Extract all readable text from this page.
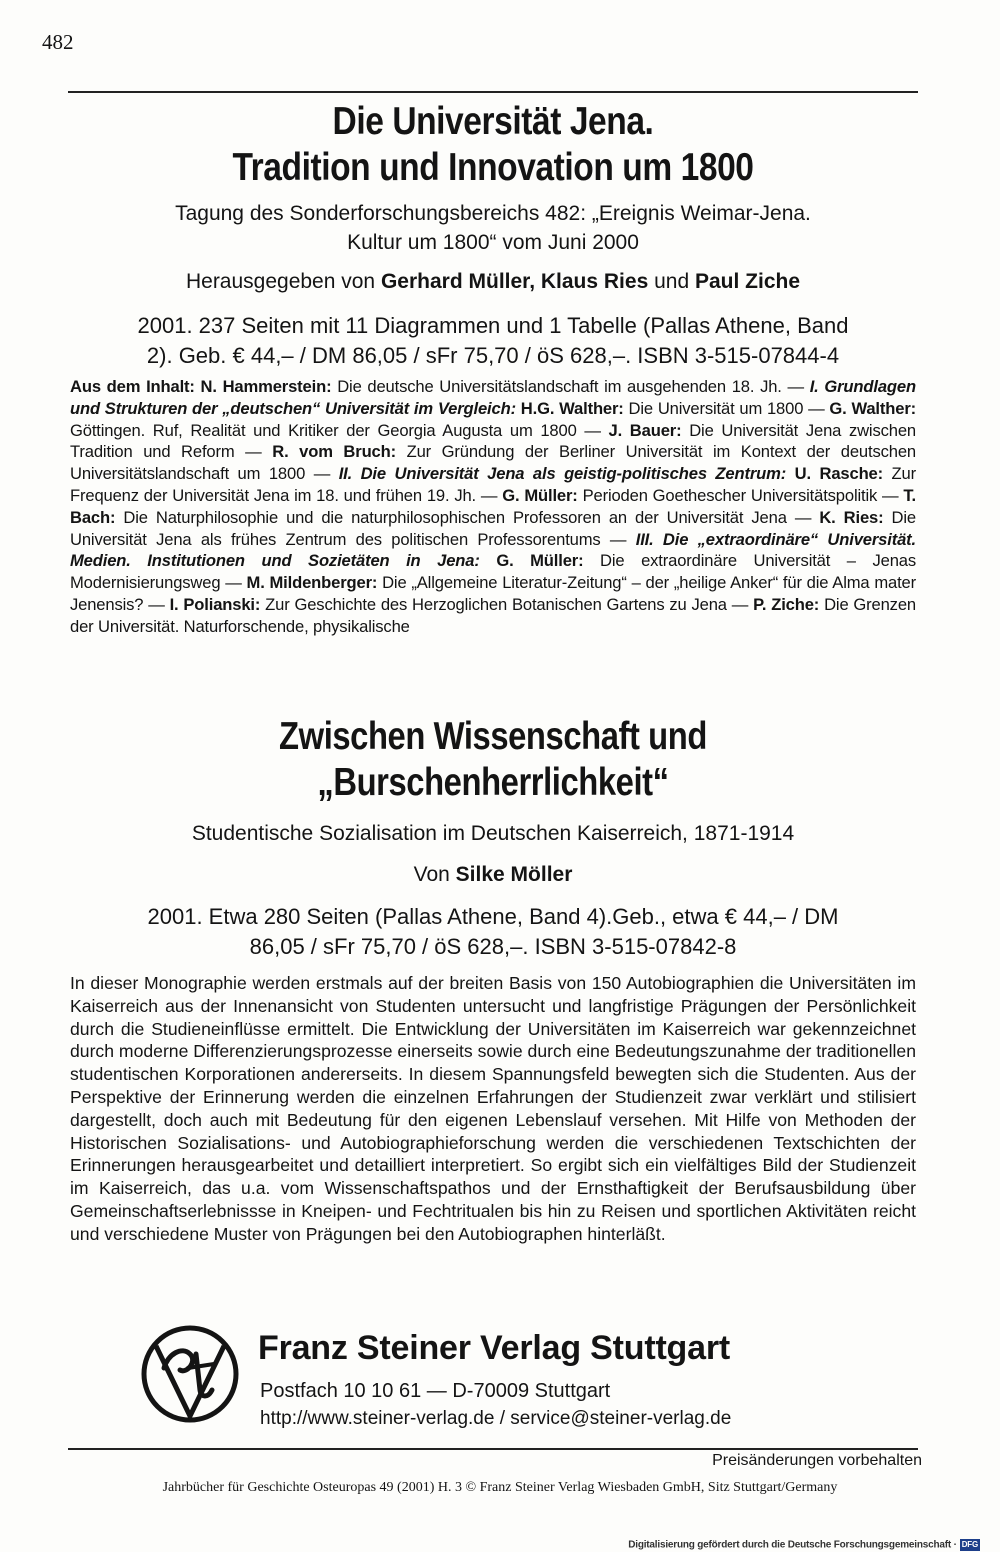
482
Die Universität Jena.
Tradition und Innovation um 1800
Tagung des Sonderforschungsbereichs 482: „Ereignis Weimar-Jena.
Kultur um 1800“ vom Juni 2000
Herausgegeben von Gerhard Müller, Klaus Ries und Paul Ziche
2001. 237 Seiten mit 11 Diagrammen und 1 Tabelle (Pallas Athene, Band
2). Geb. € 44,– / DM 86,05 / sFr 75,70 / öS 628,–. ISBN 3-515-07844-4
Aus dem Inhalt: N. Hammerstein: Die deutsche Universitätslandschaft im ausgehenden 18. Jh. — I. Grundlagen und Strukturen der „deutschen“ Universität im Vergleich: H.G. Walther: Die Universität um 1800 — G. Walther: Göttingen. Ruf, Realität und Kritiker der Georgia Augusta um 1800 — J. Bauer: Die Universität Jena zwischen Tradition und Reform — R. vom Bruch: Zur Gründung der Berliner Universität im Kontext der deutschen Universitätslandschaft um 1800 — II. Die Universität Jena als geistig-politisches Zentrum: U. Rasche: Zur Frequenz der Universität Jena im 18. und frühen 19. Jh. — G. Müller: Perioden Goethescher Universitätspolitik — T. Bach: Die Naturphilosophie und die naturphilosophischen Professoren an der Universität Jena — K. Ries: Die Universität Jena als frühes Zentrum des politischen Professorentums — III. Die „extraordinäre“ Universität. Medien. Institutionen und Sozietäten in Jena: G. Müller: Die extraordinäre Universität – Jenas Modernisierungsweg — M. Mildenberger: Die „Allgemeine Literatur-Zeitung“ – der „heilige Anker“ für die Alma mater Jenensis? — I. Polianski: Zur Geschichte des Herzoglichen Botanischen Gartens zu Jena — P. Ziche: Die Grenzen der Universität. Naturforschende, physikalische
Zwischen Wissenschaft und
„Burschenherrlichkeit“
Studentische Sozialisation im Deutschen Kaiserreich, 1871-1914
Von Silke Möller
2001. Etwa 280 Seiten (Pallas Athene, Band 4).Geb., etwa € 44,– / DM
86,05 / sFr 75,70 / öS 628,–. ISBN 3-515-07842-8
In dieser Monographie werden erstmals auf der breiten Basis von 150 Autobiographien die Universitäten im Kaiserreich aus der Innenansicht von Studenten untersucht und langfristige Prägungen der Persönlichkeit durch die Studieneinflüsse ermittelt. Die Entwicklung der Universitäten im Kaiserreich war gekennzeichnet durch moderne Differenzierungsprozesse einerseits sowie durch eine Bedeutungszunahme der traditionellen studentischen Korporationen andererseits. In diesem Spannungsfeld bewegten sich die Studenten. Aus der Perspektive der Erinnerung werden die einzelnen Erfahrungen der Studienzeit zwar verklärt und stilisiert dargestellt, doch auch mit Bedeutung für den eigenen Lebenslauf versehen. Mit Hilfe von Methoden der Historischen Sozialisations- und Autobiographieforschung werden die verschiedenen Textschichten der Erinnerungen herausgearbeitet und detailliert interpretiert. So ergibt sich ein vielfältiges Bild der Studienzeit im Kaiserreich, das u.a. vom Wissenschaftspathos und der Ernsthaftigkeit der Berufsausbildung über Gemeinschaftserlebnissse in Kneipen- und Fechtritualen bis hin zu Reisen und sportlichen Aktivitäten reicht und verschiedene Muster von Prägungen bei den Autobiographen hinterläßt.
Franz Steiner Verlag Stuttgart
Postfach 10 10 61 — D-70009 Stuttgart
http://www.steiner-verlag.de / service@steiner-verlag.de
Preisänderungen vorbehalten
Jahrbücher für Geschichte Osteuropas 49 (2001) H. 3 © Franz Steiner Verlag Wiesbaden GmbH, Sitz Stuttgart/Germany
Digitalisierung gefördert durch die Deutsche Forschungsgemeinschaft · DFG
